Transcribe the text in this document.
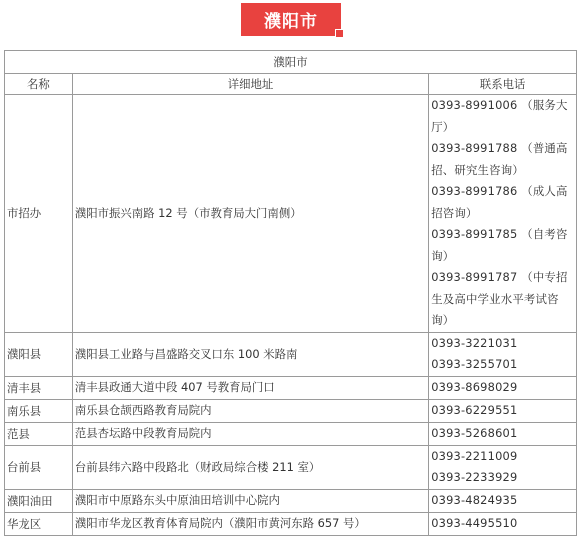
濮阳市
濮阳市		
名称	详细地址	联系电话
市招办	濮阳市振兴南路 12 号（市教育局大门南侧）	0393-8991006 （服务大厅）
0393-8991788 （普通高招、研究生咨询）
0393-8991786 （成人高招咨询）
0393-8991785 （自考咨询）
0393-8991787 （中专招生及高中学业水平考试咨询）

濮阳县	濮阳县工业路与昌盛路交叉口东 100 米路南	0393-3221031
0393-3255701

清丰县	清丰县政通大道中段 407 号教育局门口	0393-8698029

南乐县	南乐县仓颉西路教育局院内	0393-6229551

范县	范县杏坛路中段教育局院内	0393-5268601

台前县	台前县纬六路中段路北（财政局综合楼 211 室）	0393-2211009
0393-2233929

濮阳油田	濮阳市中原路东头中原油田培训中心院内	0393-4824935

华龙区	濮阳市华龙区教育体育局院内（濮阳市黄河东路 657 号）	0393-4495510
